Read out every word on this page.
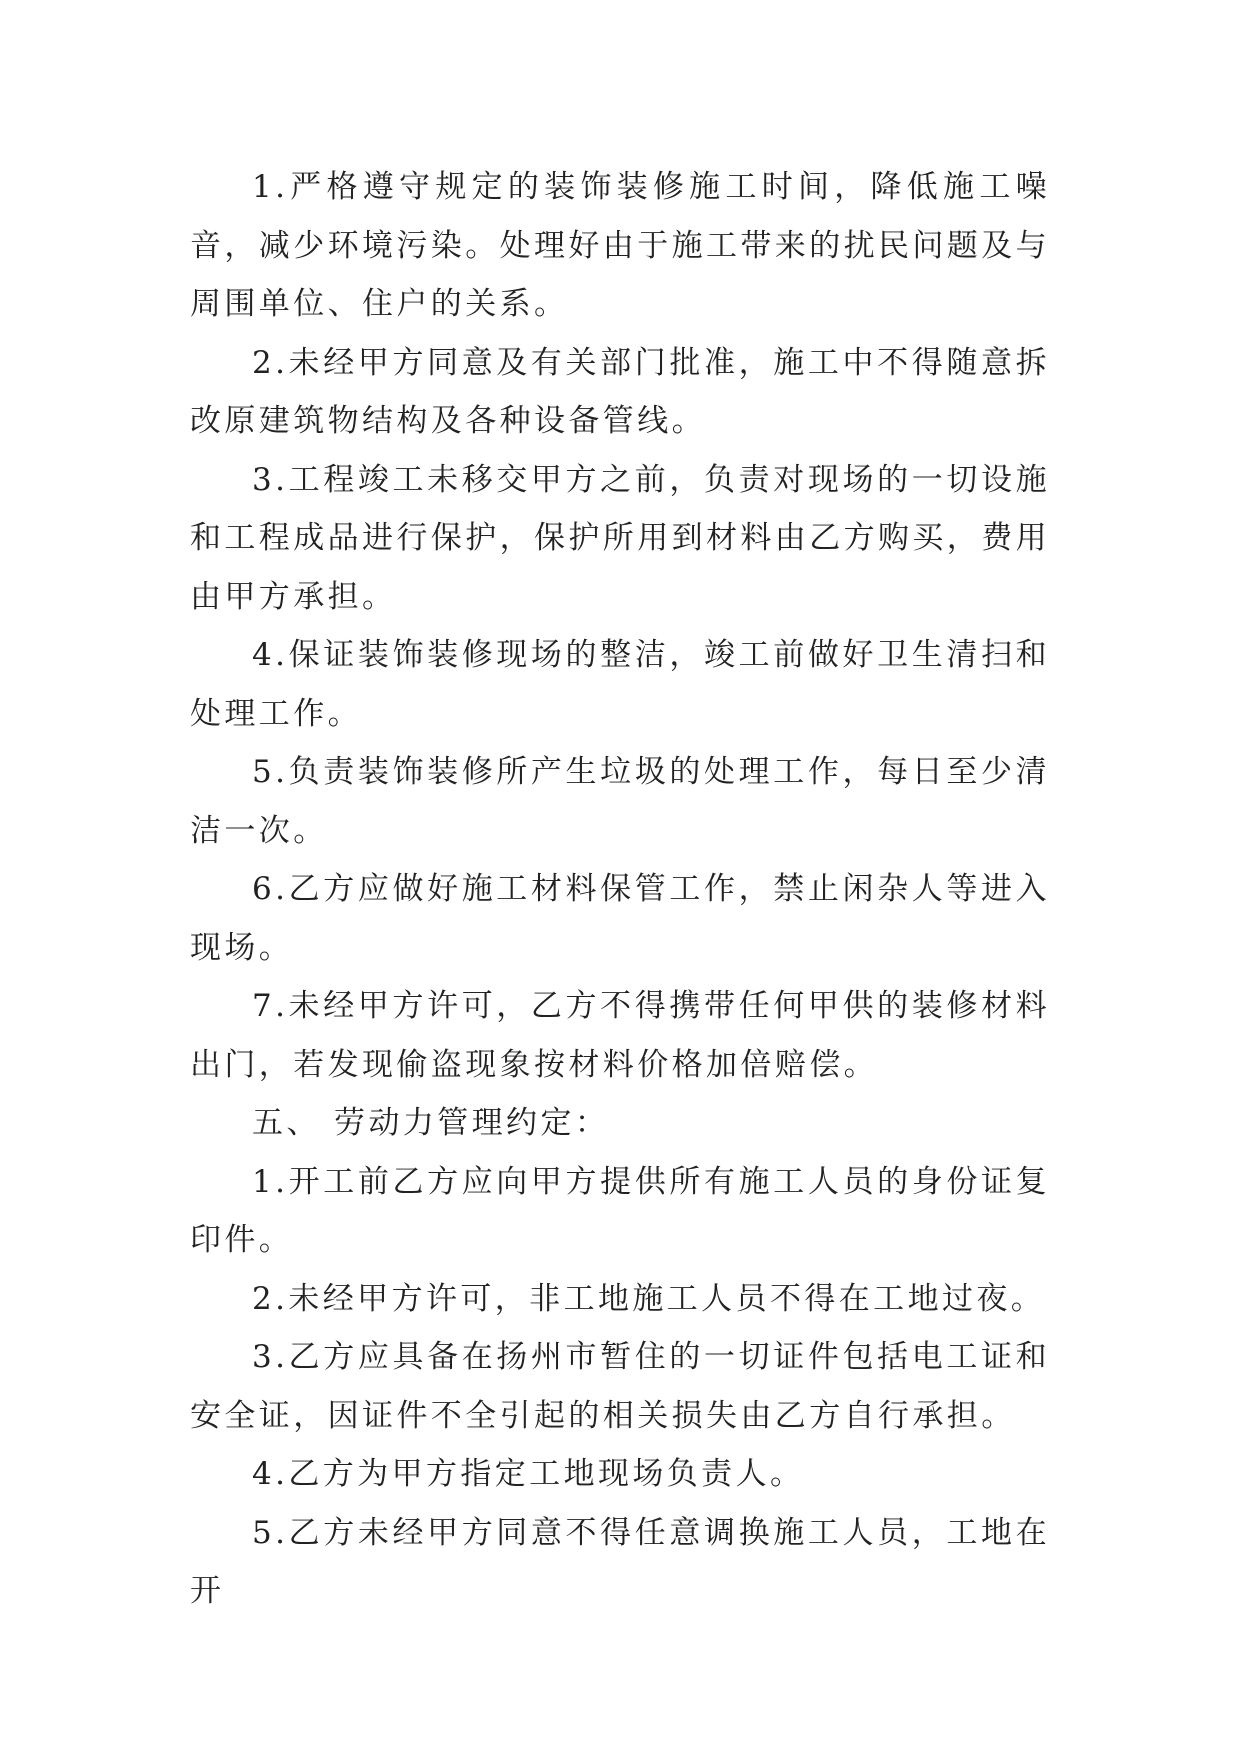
1.严格遵守规定的装饰装修施工时间，降低施工噪音，减少环境污染。处理好由于施工带来的扰民问题及与周围单位、住户的关系。

2.未经甲方同意及有关部门批准，施工中不得随意拆改原建筑物结构及各种设备管线。

3.工程竣工未移交甲方之前，负责对现场的一切设施和工程成品进行保护，保护所用到材料由乙方购买，费用由甲方承担。

4.保证装饰装修现场的整洁，竣工前做好卫生清扫和处理工作。

5.负责装饰装修所产生垃圾的处理工作，每日至少清洁一次。

6.乙方应做好施工材料保管工作，禁止闲杂人等进入现场。

7.未经甲方许可，乙方不得携带任何甲供的装修材料出门，若发现偷盗现象按材料价格加倍赔偿。

五、 劳动力管理约定：

1.开工前乙方应向甲方提供所有施工人员的身份证复印件。

2.未经甲方许可，非工地施工人员不得在工地过夜。

3.乙方应具备在扬州市暂住的一切证件包括电工证和安全证，因证件不全引起的相关损失由乙方自行承担。

4.乙方为甲方指定工地现场负责人。

5.乙方未经甲方同意不得任意调换施工人员，工地在开
